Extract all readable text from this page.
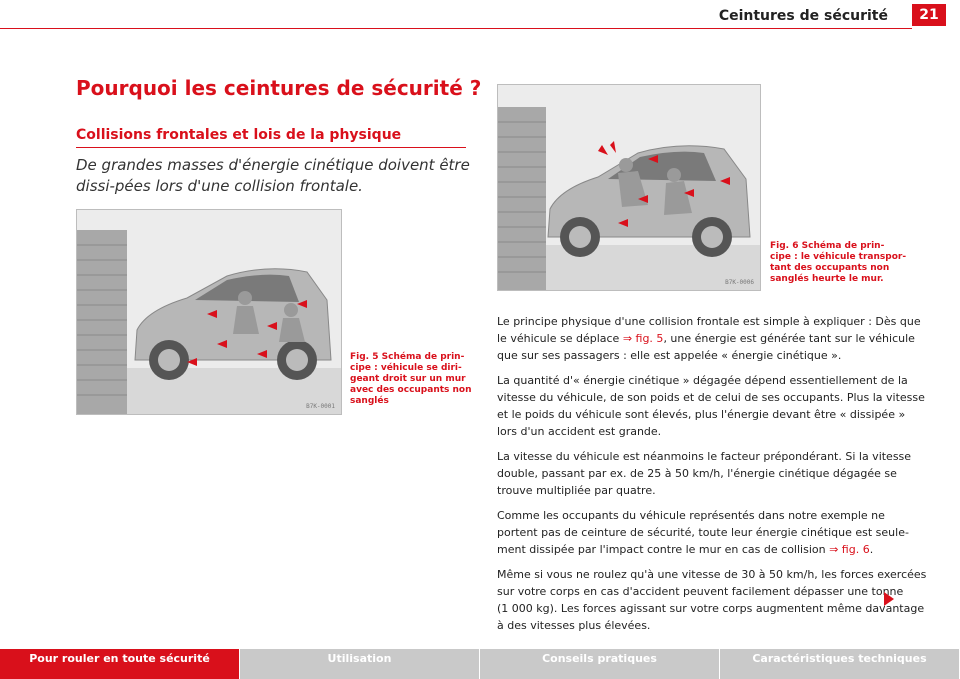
Ceintures de sécurité	21
Pourquoi les ceintures de sécurité ?
Collisions frontales et lois de la physique

De grandes masses d'énergie cinétique doivent être dissi-pées lors d'une collision frontale.

B7K-0001
Fig. 5 Schéma de prin-
cipe : véhicule se diri-
geant droit sur un mur
avec des occupants non
sanglés
B7K-0006
Fig. 6 Schéma de prin-
cipe : le véhicule transpor-
tant des occupants non
sanglés heurte le mur.

Le principe physique d'une collision frontale est simple à expliquer : Dès que
le véhicule se déplace ⇒ fig. 5, une énergie est générée tant sur le véhicule
que sur ses passagers : elle est appelée « énergie cinétique ».

La quantité d'« énergie cinétique » dégagée dépend essentiellement de la
vitesse du véhicule, de son poids et de celui de ses occupants. Plus la vitesse
et le poids du véhicule sont élevés, plus l'énergie devant être « dissipée »
lors d'un accident est grande.

La vitesse du véhicule est néanmoins le facteur prépondérant. Si la vitesse
double, passant par ex. de 25 à 50 km/h, l'énergie cinétique dégagée se
trouve multipliée par quatre.

Comme les occupants du véhicule représentés dans notre exemple ne
portent pas de ceinture de sécurité, toute leur énergie cinétique est seule-
ment dissipée par l'impact contre le mur en cas de collision ⇒ fig. 6.

Même si vous ne roulez qu'à une vitesse de 30 à 50 km/h, les forces exercées
sur votre corps en cas d'accident peuvent facilement dépasser une tonne
(1 000 kg). Les forces agissant sur votre corps augmentent même davantage
à des vitesses plus élevées.

Pour rouler en toute sécurité	Utilisation	Conseils pratiques	Caractéristiques techniques
